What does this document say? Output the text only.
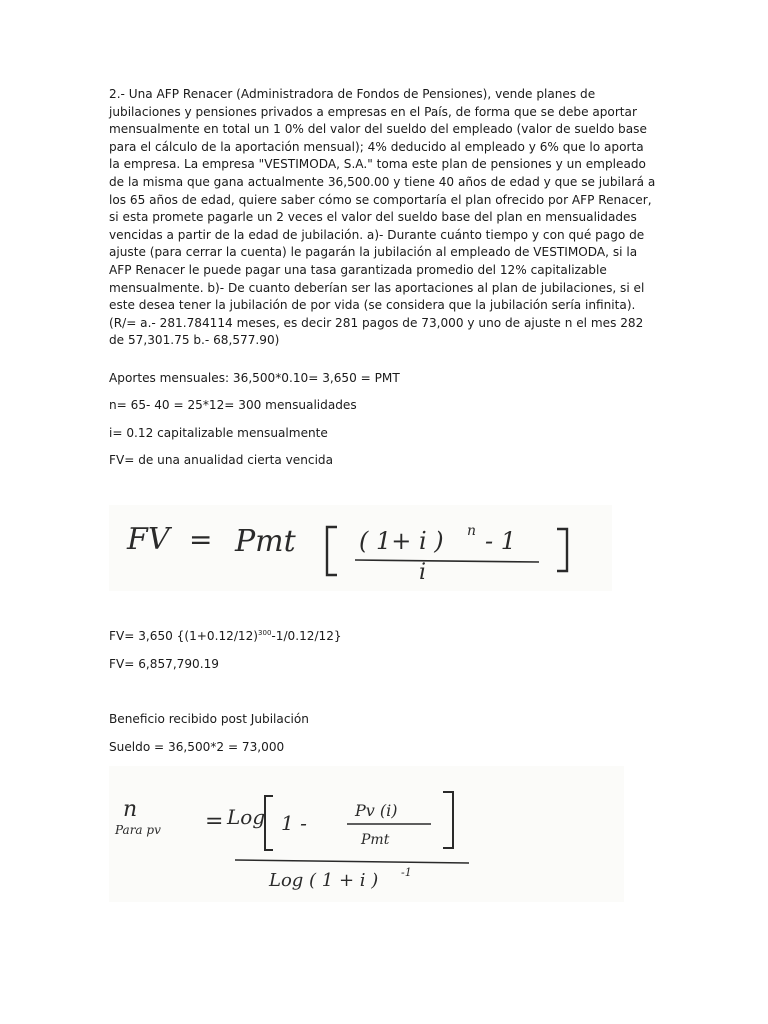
2.- Una AFP Renacer (Administradora de Fondos de Pensiones), vende planes de jubilaciones y pensiones privados a empresas en el País, de forma que se debe aportar mensualmente en total un 1 0% del valor del sueldo del empleado (valor de sueldo base para el cálculo de la aportación mensual); 4% deducido al empleado y 6% que lo aporta la empresa. La empresa "VESTIMODA, S.A." toma este plan de pensiones y un empleado de la misma que gana actualmente 36,500.00 y tiene 40 años de edad y que se jubilará a los 65 años de edad, quiere saber cómo se comportaría el plan ofrecido por AFP Renacer, si esta promete pagarle un 2 veces el valor del sueldo base del plan en mensualidades vencidas a partir de la edad de jubilación. a)- Durante cuánto tiempo y con qué pago de ajuste (para cerrar la cuenta) le pagarán la jubilación al empleado de VESTIMODA, si la AFP Renacer le puede pagar una tasa garantizada promedio del 12% capitalizable mensualmente. b)- De cuanto deberían ser las aportaciones al plan de jubilaciones, si el este desea tener la jubilación de por vida (se considera que la jubilación sería infinita). (R/= a.- 281.784114 meses, es decir 281 pagos de 73,000 y uno de ajuste n el mes 282 de 57,301.75 b.- 68,577.90)

Aportes mensuales: 36,500*0.10= 3,650 = PMT

n= 65- 40 = 25*12= 300 mensualidades

i= 0.12 capitalizable mensualmente

FV= de una anualidad cierta vencida

FV = Pmt	( 1+ i ) n - 1
i

FV= 3,650 $\{(1+0.12/12)^{300}-1/0.12/12\}$

FV= 6,857,790.19

Beneficio recibido post Jubilación

Sueldo = 36,500*2 = 73,000

n
Para pv = Log 1 -
Pv (i)
Pmt
Log ( 1 + i ) -1
